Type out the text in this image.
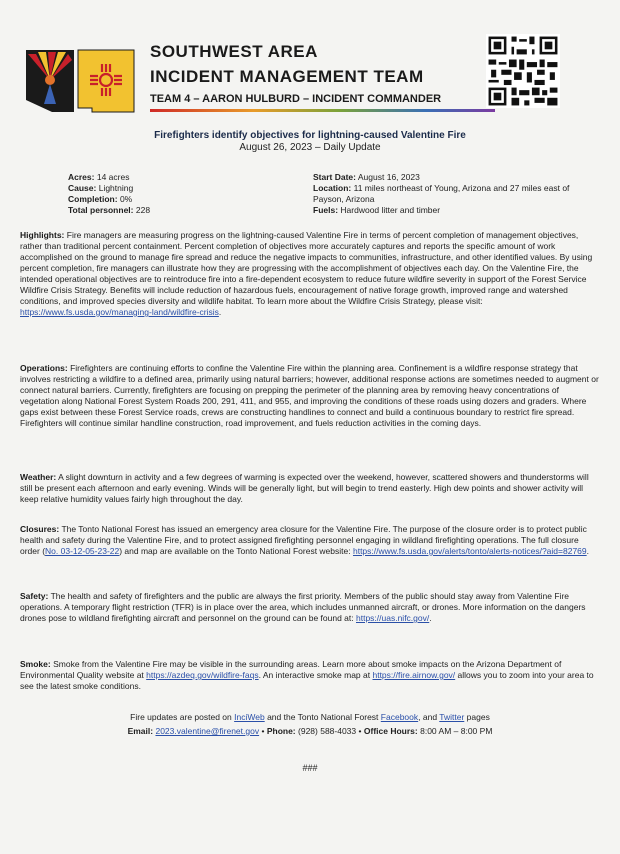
SOUTHWEST AREA
INCIDENT MANAGEMENT TEAM
TEAM 4 – AARON HULBURD – INCIDENT COMMANDER
Firefighters identify objectives for lightning-caused Valentine Fire
August 26, 2023 – Daily Update
Acres: 14 acres
Cause: Lightning
Completion: 0%
Total personnel: 228
Start Date: August 16, 2023
Location: 11 miles northeast of Young, Arizona and 27 miles east of Payson, Arizona
Fuels: Hardwood litter and timber
Highlights: Fire managers are measuring progress on the lightning-caused Valentine Fire in terms of percent completion of management objectives, rather than traditional percent containment. Percent completion of objectives more accurately captures and reports the specific amount of work accomplished on the ground to manage fire spread and reduce the negative impacts to communities, infrastructure, and other identified values. By using percent completion, fire managers can illustrate how they are progressing with the accomplishment of objectives each day. On the Valentine Fire, the intended operational objectives are to reintroduce fire into a fire-dependent ecosystem to reduce future wildfire severity in support of the Forest Service Wildfire Crisis Strategy. Benefits will include reduction of hazardous fuels, encouragement of native forage growth, improved range and watershed conditions, and improved species diversity and wildlife habitat. To learn more about the Wildfire Crisis Strategy, please visit: https://www.fs.usda.gov/managing-land/wildfire-crisis.
Operations: Firefighters are continuing efforts to confine the Valentine Fire within the planning area. Confinement is a wildfire response strategy that involves restricting a wildfire to a defined area, primarily using natural barriers; however, additional response actions are sometimes needed to augment or connect natural barriers. Currently, firefighters are focusing on prepping the perimeter of the planning area by removing heavy concentrations of vegetation along National Forest System Roads 200, 291, 411, and 955, and improving the conditions of these roads using dozers and graders. Where gaps exist between these Forest Service roads, crews are constructing handlines to connect and build a continuous boundary to restrict fire spread. Firefighters will continue similar handline construction, road improvement, and fuels reduction activities in the coming days.
Weather: A slight downturn in activity and a few degrees of warming is expected over the weekend, however, scattered showers and thunderstorms will still be present each afternoon and early evening. Winds will be generally light, but will begin to trend easterly. High dew points and shower activity will keep relative humidity values fairly high throughout the day.
Closures: The Tonto National Forest has issued an emergency area closure for the Valentine Fire. The purpose of the closure order is to protect public health and safety during the Valentine Fire, and to protect assigned firefighting personnel engaging in wildland firefighting operations. The full closure order (No. 03-12-05-23-22) and map are available on the Tonto National Forest website: https://www.fs.usda.gov/alerts/tonto/alerts-notices/?aid=82769.
Safety: The health and safety of firefighters and the public are always the first priority. Members of the public should stay away from Valentine Fire operations. A temporary flight restriction (TFR) is in place over the area, which includes unmanned aircraft, or drones. More information on the dangers drones pose to wildland firefighting aircraft and personnel on the ground can be found at: https://uas.nifc.gov/.
Smoke: Smoke from the Valentine Fire may be visible in the surrounding areas. Learn more about smoke impacts on the Arizona Department of Environmental Quality website at https://azdeq.gov/wildfire-faqs. An interactive smoke map at https://fire.airnow.gov/ allows you to zoom into your area to see the latest smoke conditions.
Fire updates are posted on InciWeb and the Tonto National Forest Facebook, and Twitter pages
Email: 2023.valentine@firenet.gov • Phone: (928) 588-4033 • Office Hours: 8:00 AM – 8:00 PM
###
